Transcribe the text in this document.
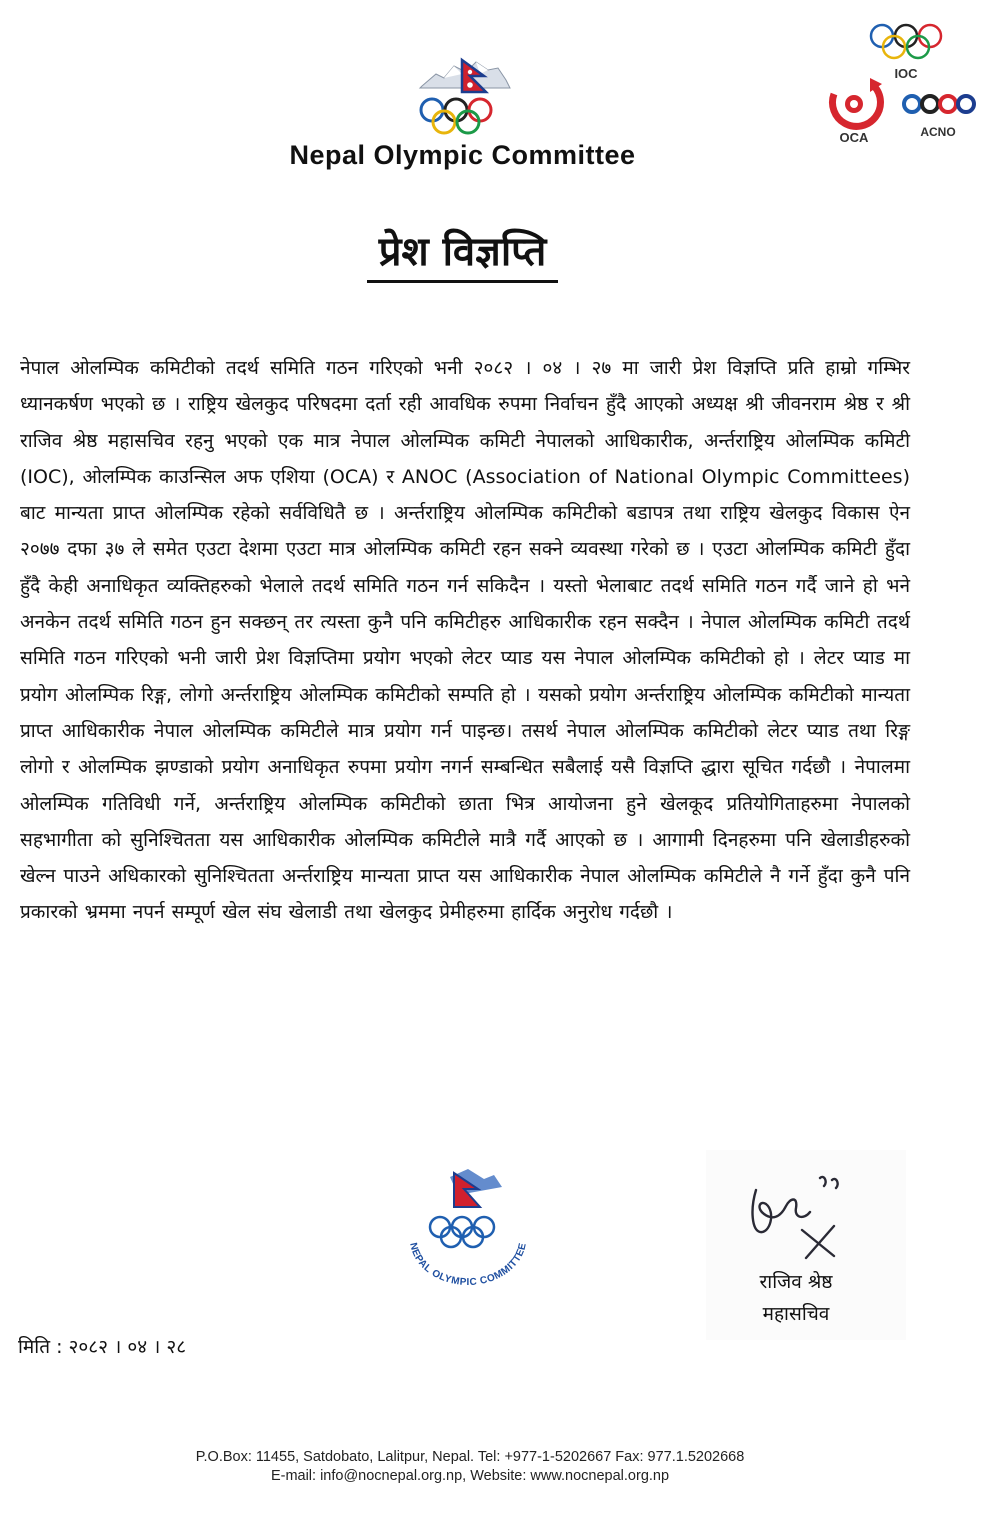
Nepal Olympic Committee
IOC
OCA	ACNO
प्रेश विज्ञप्ति
नेपाल ओलम्पिक कमिटीको तदर्थ समिति गठन गरिएको भनी २०८२ । ०४ । २७ मा जारी प्रेश विज्ञप्ति प्रति हाम्रो गम्भिर ध्यानकर्षण भएको छ । राष्ट्रिय खेलकुद परिषदमा दर्ता रही आवधिक रुपमा निर्वाचन हुँदै आएको अध्यक्ष श्री जीवनराम श्रेष्ठ र श्री राजिव श्रेष्ठ महासचिव रहनु भएको एक मात्र नेपाल ओलम्पिक कमिटी नेपालको आधिकारीक, अर्न्तराष्ट्रिय ओलम्पिक कमिटी (IOC), ओलम्पिक काउन्सिल अफ एशिया (OCA) र ANOC (Association of National Olympic Committees) बाट मान्यता प्राप्त ओलम्पिक रहेको सर्वविधितै छ । अर्न्तराष्ट्रिय ओलम्पिक कमिटीको बडापत्र तथा राष्ट्रिय खेलकुद विकास ऐन २०७७ दफा ३७ ले समेत एउटा देशमा एउटा मात्र ओलम्पिक कमिटी रहन सक्ने व्यवस्था गरेको छ । एउटा ओलम्पिक कमिटी हुँदा हुँदै केही अनाधिकृत व्यक्तिहरुको भेलाले तदर्थ समिति गठन गर्न सकिदैन । यस्तो भेलाबाट तदर्थ समिति गठन गर्दै जाने हो भने अनकेन तदर्थ समिति गठन हुन सक्छन् तर त्यस्ता कुनै पनि कमिटीहरु आधिकारीक रहन सक्दैन । नेपाल ओलम्पिक कमिटी तदर्थ समिति गठन गरिएको भनी जारी प्रेश विज्ञप्तिमा प्रयोग भएको लेटर प्याड यस नेपाल ओलम्पिक कमिटीको हो । लेटर प्याड मा प्रयोग ओलम्पिक रिङ्ग, लोगो अर्न्तराष्ट्रिय ओलम्पिक कमिटीको सम्पति हो । यसको प्रयोग अर्न्तराष्ट्रिय ओलम्पिक कमिटीको मान्यता प्राप्त आधिकारीक नेपाल ओलम्पिक कमिटीले मात्र प्रयोग गर्न पाइन्छ। तसर्थ नेपाल ओलम्पिक कमिटीको लेटर प्याड तथा रिङ्ग लोगो र ओलम्पिक झण्डाको प्रयोग अनाधिकृत रुपमा प्रयोग नगर्न सम्बन्धित सबैलाई यसै विज्ञप्ति द्धारा सूचित गर्दछौ । नेपालमा ओलम्पिक गतिविधी गर्ने, अर्न्तराष्ट्रिय ओलम्पिक कमिटीको छाता भित्र आयोजना हुने खेलकूद प्रतियोगिताहरुमा नेपालको सहभागीता को सुनिश्चितता यस आधिकारीक ओलम्पिक कमिटीले मात्रै गर्दै आएको छ । आगामी दिनहरुमा पनि खेलाडीहरुको खेल्न पाउने अधिकारको सुनिश्चितता अर्न्तराष्ट्रिय मान्यता प्राप्त यस आधिकारीक नेपाल ओलम्पिक कमिटीले नै गर्ने हुँदा कुनै पनि प्रकारको भ्रममा नपर्न सम्पूर्ण खेल संघ खेलाडी तथा खेलकुद प्रेमीहरुमा हार्दिक अनुरोध गर्दछौ ।
NEPAL OLYMPIC COMMITTEE
राजिव श्रेष्ठ
महासचिव
मिति : २०८२ । ०४ । २८
P.O.Box: 11455, Satdobato, Lalitpur, Nepal. Tel: +977-1-5202667 Fax: 977.1.5202668
E-mail: info@nocnepal.org.np, Website: www.nocnepal.org.np
